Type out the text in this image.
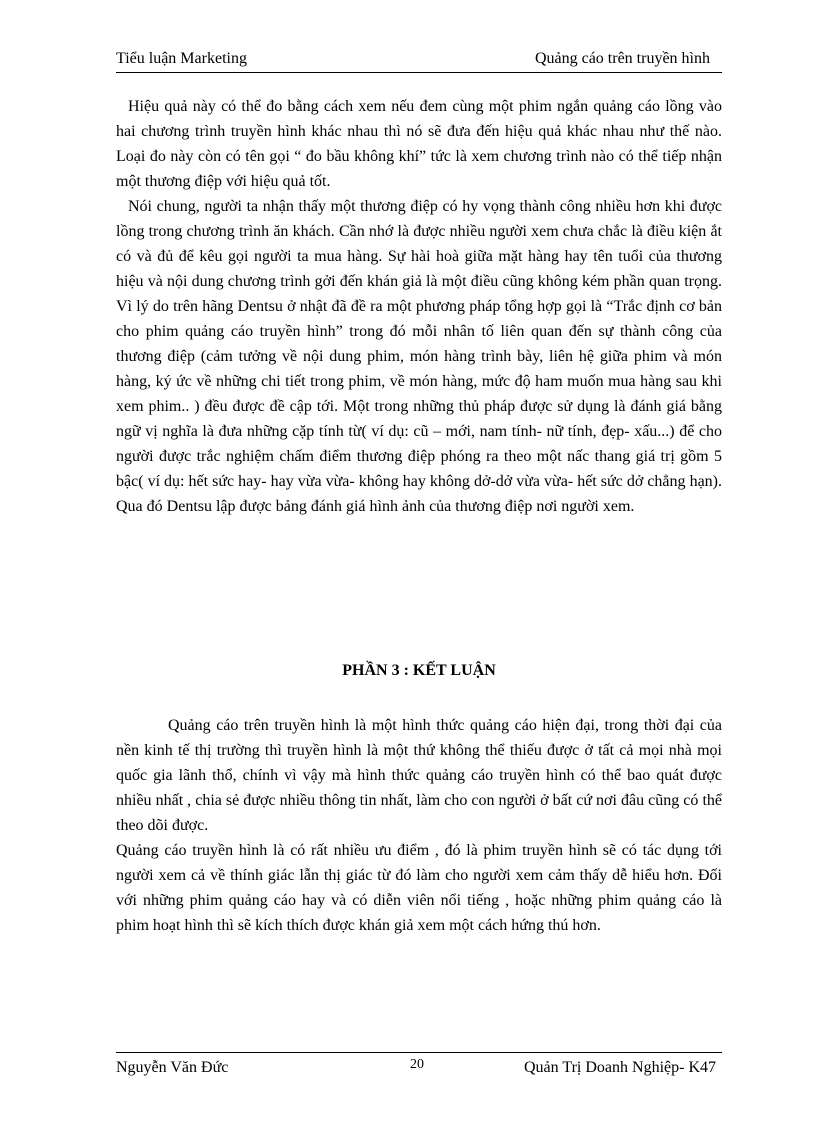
Tiểu luận Marketing	Quảng cáo trên truyền hình

Hiệu quả này có thể đo bằng cách xem nếu đem cùng một phim ngắn quảng cáo lồng vào hai chương trình truyền hình khác nhau thì nó sẽ đưa đến hiệu quả khác nhau như thế nào. Loại đo này còn có tên gọi “ đo bầu không khí” tức là xem chương trình nào có thể tiếp nhận một thương điệp với hiệu quả tốt.

Nói chung, người ta nhận thấy một thương điệp có hy vọng thành công nhiều hơn khi được lồng trong chương trình ăn khách. Cần nhớ là được nhiều người xem chưa chắc là điều kiện ắt có và đủ để kêu gọi người ta mua hàng. Sự hài hoà giữa mặt hàng hay tên tuổi của thương hiệu và nội dung chương trình gởi đến khán giả là một điều cũng không kém phần quan trọng. Vì lý do trên hãng Dentsu ở nhật đã đề ra một phương pháp tổng hợp gọi là “Trắc định cơ bản cho phim quảng cáo truyền hình” trong đó mỗi nhân tố liên quan đến sự thành công của thương điệp (cảm tưởng về nội dung phim, món hàng trình bày, liên hệ giữa phim và món hàng, ký ức về những chi tiết trong phim, về món hàng, mức độ ham muốn mua hàng sau khi xem phim.. ) đều được đề cập tới. Một trong những thủ pháp được sử dụng là đánh giá bằng ngữ vị nghĩa là đưa những cặp tính từ( ví dụ: cũ – mới, nam tính- nữ tính, đẹp- xấu...) để cho người được trắc nghiệm chấm điểm thương điệp phóng ra theo một nấc thang giá trị gồm 5 bậc( ví dụ: hết sức hay- hay vừa vừa- không hay không dở-dở vừa vừa- hết sức dở chẳng hạn). Qua đó Dentsu lập được bảng đánh giá hình ảnh của thương điệp nơi người xem.

PHẦN 3 : KẾT LUẬN

Quảng cáo trên truyền hình là một hình thức quảng cáo hiện đại, trong thời đại của nền kinh tế thị trường thì truyền hình là một thứ không thể thiếu được ở tất cả mọi nhà mọi quốc gia lãnh thổ, chính vì vậy mà hình thức quảng cáo truyền hình có thể bao quát được nhiều nhất , chia sẻ được nhiều thông tin nhất, làm cho con người ở bất cứ nơi đâu cũng có thể theo dõi được.

Quảng cáo truyền hình là có rất nhiều ưu điểm , đó là phim truyền hình sẽ có tác dụng tới người xem cả về thính giác lẫn thị giác từ đó làm cho người xem cảm thấy dễ hiểu hơn. Đối với những phim quảng cáo hay và có diễn viên nổi tiếng , hoặc những phim quảng cáo là phim hoạt hình thì sẽ kích thích được khán giả xem một cách hứng thú hơn.

Nguyễn Văn Đức	20	Quản Trị Doanh Nghiệp- K47
